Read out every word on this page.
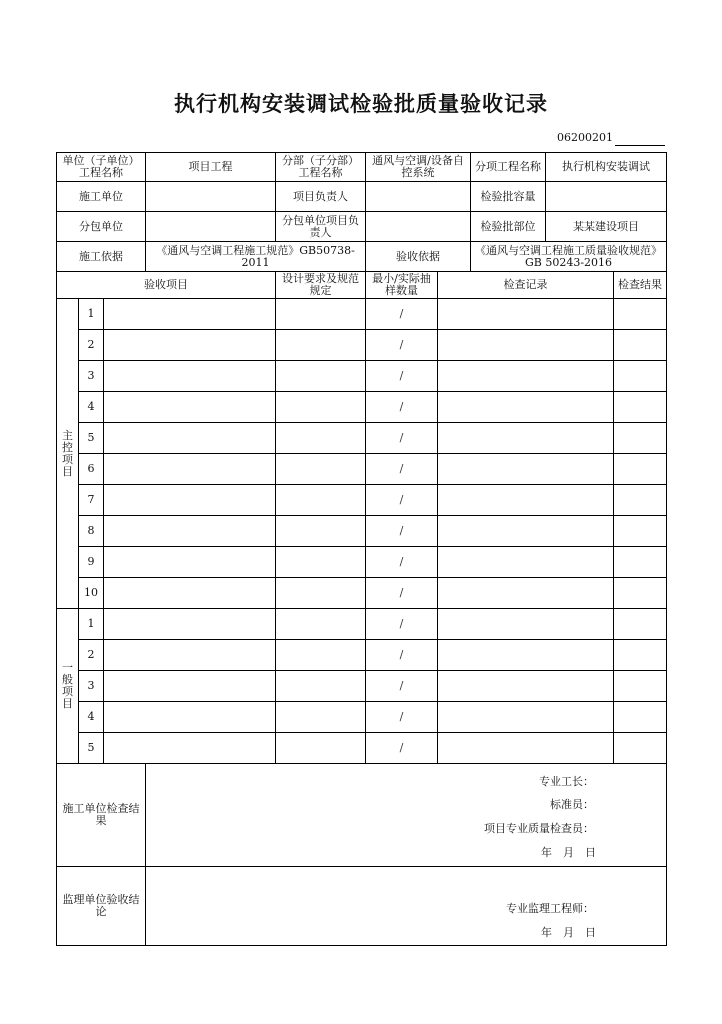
执行机构安装调试检验批质量验收记录
06200201
单位（子单位）工程名称			项目工程	分部（子分部）工程名称	通风与空调/设备自控系统		分项工程名称	执行机构安装调试	
施工单位				项目负责人			检验批容量		
分包单位				分包单位项目负责人			检验批部位	某某建设项目	
施工依据			《通风与空调工程施工规范》GB50738-2011		验收依据		《通风与空调工程施工质量验收规范》GB 50243-2016		
验收项目				设计要求及规范规定	最小/实际抽样数量	检查记录			检查结果
主控项目	1				/				
	2				/				
	3				/				
	4				/				
	5				/				
	6				/				
	7				/				
	8				/				
	9				/				
	10				/				
一般项目	1				/				
	2				/				
	3				/				
	4				/				
	5				/				
施工单位检查结果			专业工长：
标准员：
项目专业质量检查员：
年　月　日						

监理单位验收结论			专业监理工程师：
年　月　日						
